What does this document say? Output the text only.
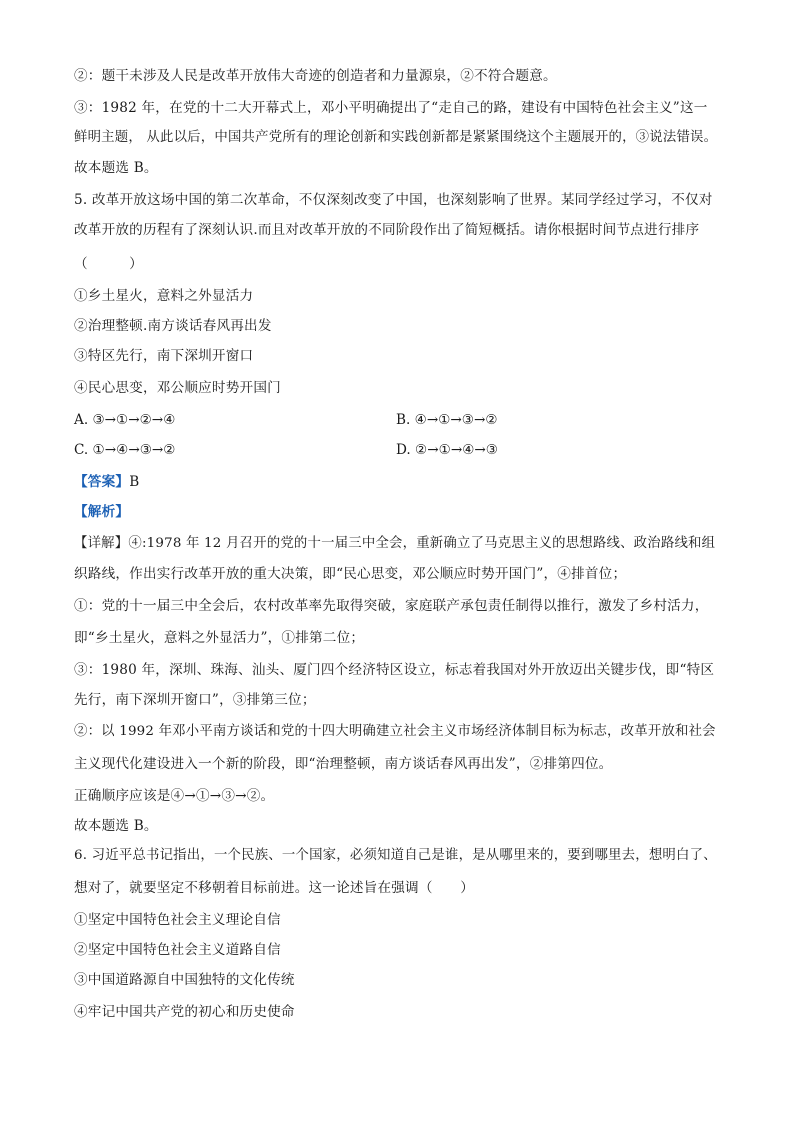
②：题干未涉及人民是改革开放伟大奇迹的创造者和力量源泉，②不符合题意。
③：1982 年，在党的十二大开幕式上，邓小平明确提出了“走自己的路，建设有中国特色社会主义”这一
鲜明主题， 从此以后，中国共产党所有的理论创新和实践创新都是紧紧围绕这个主题展开的，③说法错误。
故本题选 B。
5. 改革开放这场中国的第二次革命，不仅深刻改变了中国，也深刻影响了世界。某同学经过学习，不仅对
改革开放的历程有了深刻认识.而且对改革开放的不同阶段作出了简短概括。请你根据时间节点进行排序
（　　　）
①乡土星火，意料之外显活力
②治理整顿.南方谈话春风再出发
③特区先行，南下深圳开窗口
④民心思变，邓公顺应时势开国门
A. ③→①→②→④	B. ④→①→③→②
C. ①→④→③→②	D. ②→①→④→③
【答案】B
【解析】
【详解】④:1978 年 12 月召开的党的十一届三中全会，重新确立了马克思主义的思想路线、政治路线和组
织路线，作出实行改革开放的重大决策，即“民心思变，邓公顺应时势开国门”，④排首位；
①：党的十一届三中全会后，农村改革率先取得突破，家庭联产承包责任制得以推行，激发了乡村活力，
即“乡土星火，意料之外显活力”，①排第二位；
③：1980 年，深圳、珠海、汕头、厦门四个经济特区设立，标志着我国对外开放迈出关键步伐，即“特区
先行，南下深圳开窗口”，③排第三位；
②：以 1992 年邓小平南方谈话和党的十四大明确建立社会主义市场经济体制目标为标志，改革开放和社会
主义现代化建设进入一个新的阶段，即“治理整顿，南方谈话春风再出发”，②排第四位。
正确顺序应该是④→①→③→②。
故本题选 B。
6. 习近平总书记指出，一个民族、一个国家，必须知道自己是谁，是从哪里来的，要到哪里去，想明白了、
想对了，就要坚定不移朝着目标前进。这一论述旨在强调（　　）
①坚定中国特色社会主义理论自信
②坚定中国特色社会主义道路自信
③中国道路源自中国独特的文化传统
④牢记中国共产党的初心和历史使命
